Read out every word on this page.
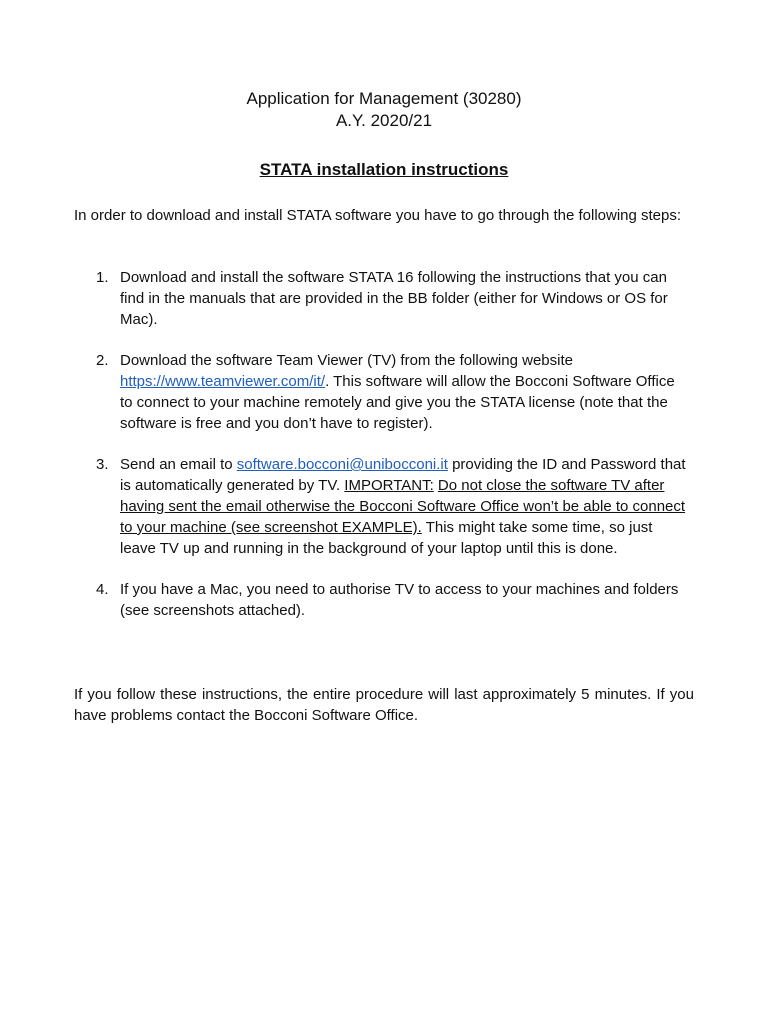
Application for Management (30280)
A.Y. 2020/21
STATA installation instructions
In order to download and install STATA software you have to go through the following steps:
1. Download and install the software STATA 16 following the instructions that you can find in the manuals that are provided in the BB folder (either for Windows or OS for Mac).
2. Download the software Team Viewer (TV) from the following website https://www.teamviewer.com/it/. This software will allow the Bocconi Software Office to connect to your machine remotely and give you the STATA license (note that the software is free and you don’t have to register).
3. Send an email to software.bocconi@unibocconi.it providing the ID and Password that is automatically generated by TV. IMPORTANT: Do not close the software TV after having sent the email otherwise the Bocconi Software Office won’t be able to connect to your machine (see screenshot EXAMPLE). This might take some time, so just leave TV up and running in the background of your laptop until this is done.
4. If you have a Mac, you need to authorise TV to access to your machines and folders (see screenshots attached).
If you follow these instructions, the entire procedure will last approximately 5 minutes. If you have problems contact the Bocconi Software Office.
